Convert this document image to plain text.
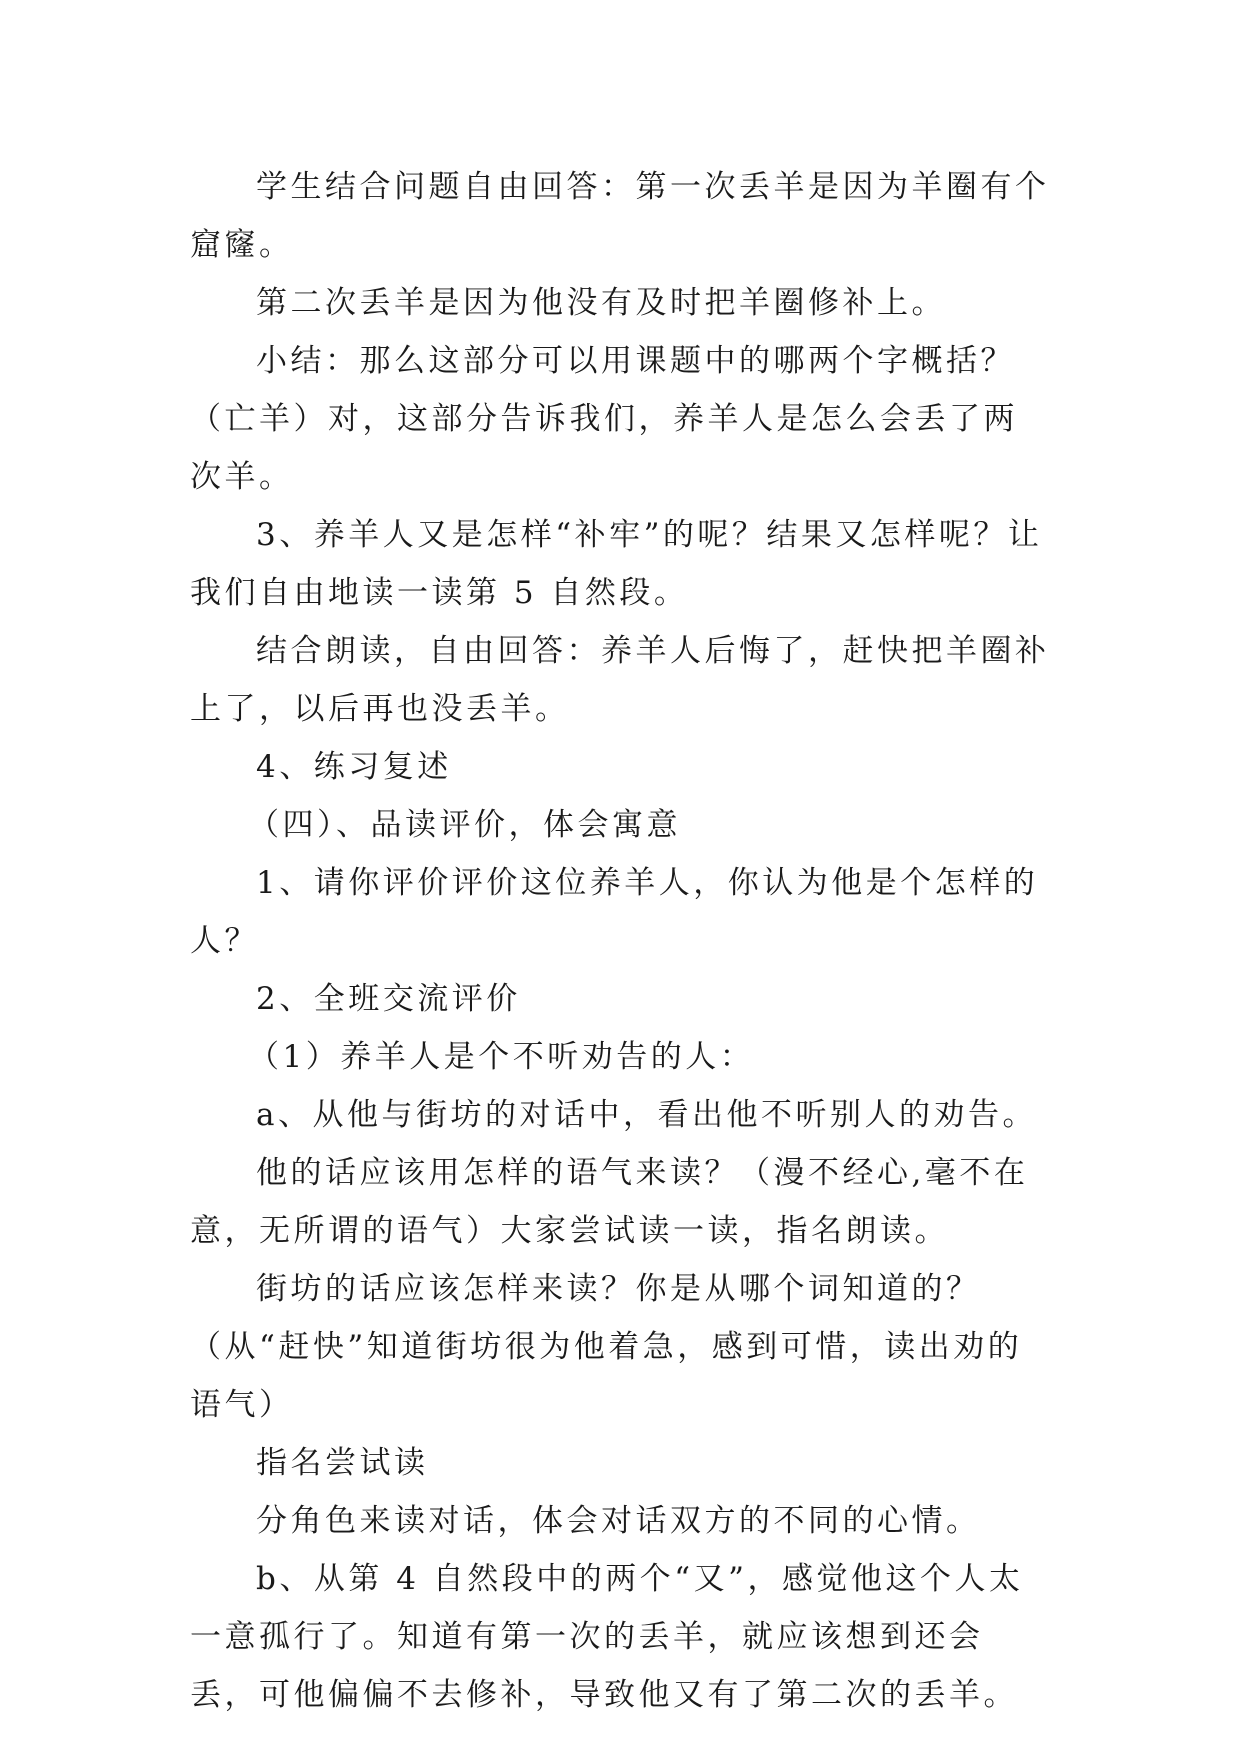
学生结合问题自由回答：第一次丢羊是因为羊圈有个窟窿。

第二次丢羊是因为他没有及时把羊圈修补上。

小结：那么这部分可以用课题中的哪两个字概括？（亡羊）对，这部分告诉我们，养羊人是怎么会丢了两次羊。

3、养羊人又是怎样“补牢”的呢？结果又怎样呢？让我们自由地读一读第 5 自然段。

结合朗读，自由回答：养羊人后悔了，赶快把羊圈补上了，以后再也没丢羊。

4、练习复述

（四）、品读评价，体会寓意

1、请你评价评价这位养羊人，你认为他是个怎样的人？

2、全班交流评价

（1）养羊人是个不听劝告的人：

a、从他与街坊的对话中，看出他不听别人的劝告。

他的话应该用怎样的语气来读？（漫不经心,毫不在意，无所谓的语气）大家尝试读一读，指名朗读。

街坊的话应该怎样来读？你是从哪个词知道的？（从“赶快”知道街坊很为他着急，感到可惜，读出劝的语气）

指名尝试读

分角色来读对话，体会对话双方的不同的心情。

b、从第 4 自然段中的两个“又”，感觉他这个人太一意孤行了。知道有第一次的丢羊，就应该想到还会丢，可他偏偏不去修补，导致他又有了第二次的丢羊。
